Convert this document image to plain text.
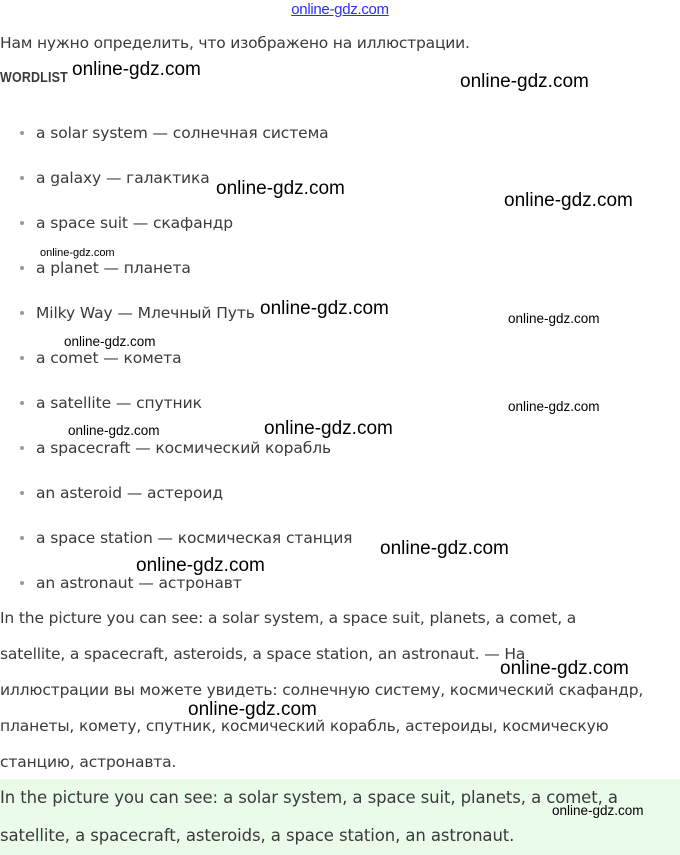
online-gdz.com
Нам нужно определить, что изображено на иллюстрации.
WORDLIST
a solar system — солнечная система
a galaxy — галактика
a space suit — скафандр
a planet — планета
Milky Way — Млечный Путь
a comet — комета
a satellite — спутник
a spacecraft — космический корабль
an asteroid — астероид
a space station — космическая станция
an astronaut — астронавт
In the picture you can see: a solar system, a space suit, planets, a comet, a
satellite, a spacecraft, asteroids, a space station, an astronaut. — На
иллюстрации вы можете увидеть: солнечную систему, космический скафандр,
планеты, комету, спутник, космический корабль, астероиды, космическую
станцию, астронавта.
In the picture you can see: a solar system, a space suit, planets, a comet, a
satellite, a spacecraft, asteroids, a space station, an astronaut.
online-gdz.com
online-gdz.com
online-gdz.com
online-gdz.com
online-gdz.com
online-gdz.com	online-gdz.com
online-gdz.com
online-gdz.com
online-gdz.com	online-gdz.com
online-gdz.com
online-gdz.com
online-gdz.com
online-gdz.com
online-gdz.com
